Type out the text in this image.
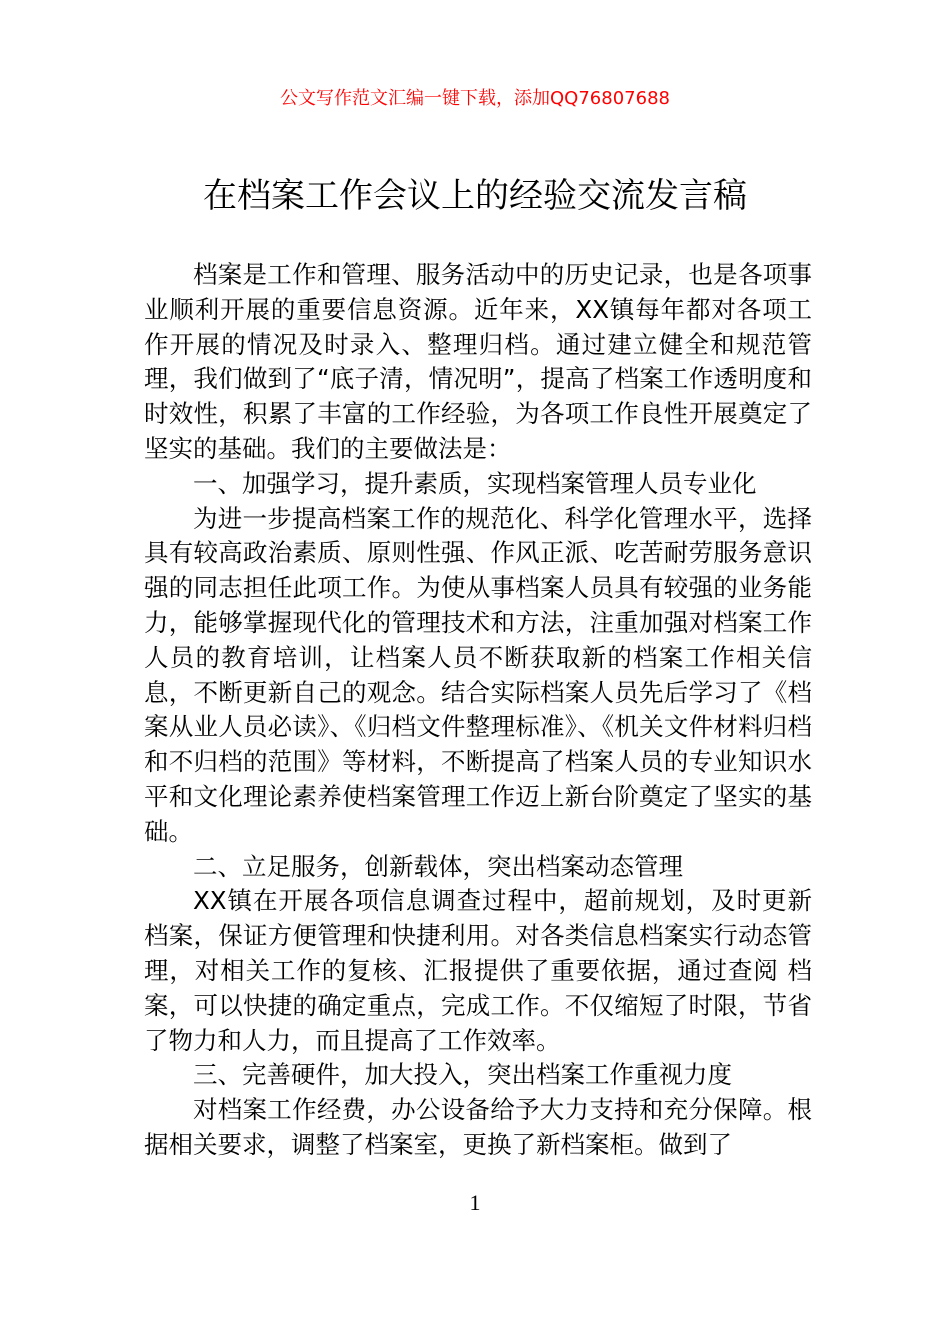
公文写作范文汇编一键下载，添加QQ76807688
在档案工作会议上的经验交流发言稿

档案是工作和管理、服务活动中的历史记录，也是各项事业顺利开展的重要信息资源。近年来，XX镇每年都对各项工作开展的情况及时录入、整理归档。通过建立健全和规范管理，我们做到了“底子清，情况明”，提高了档案工作透明度和时效性，积累了丰富的工作经验，为各项工作良性开展奠定了坚实的基础。我们的主要做法是：

一、加强学习，提升素质，实现档案管理人员专业化

为进一步提高档案工作的规范化、科学化管理水平，选择具有较高政治素质、原则性强、作风正派、吃苦耐劳服务意识强的同志担任此项工作。为使从事档案人员具有较强的业务能力，能够掌握现代化的管理技术和方法，注重加强对档案工作人员的教育培训，让档案人员不断获取新的档案工作相关信息，不断更新自己的观念。结合实际档案人员先后学习了《档案从业人员必读》、《归档文件整理标准》、《机关文件材料归档和不归档的范围》等材料，不断提高了档案人员的专业知识水平和文化理论素养使档案管理工作迈上新台阶奠定了坚实的基础。

二、立足服务，创新载体，突出档案动态管理

XX镇在开展各项信息调查过程中，超前规划，及时更新档案，保证方便管理和快捷利用。对各类信息档案实行动态管理，对相关工作的复核、汇报提供了重要依据，通过查阅 档案，可以快捷的确定重点，完成工作。不仅缩短了时限，节省了物力和人力，而且提高了工作效率。

三、完善硬件，加大投入，突出档案工作重视力度

对档案工作经费，办公设备给予大力支持和充分保障。根据相关要求，调整了档案室，更换了新档案柜。做到了

1
